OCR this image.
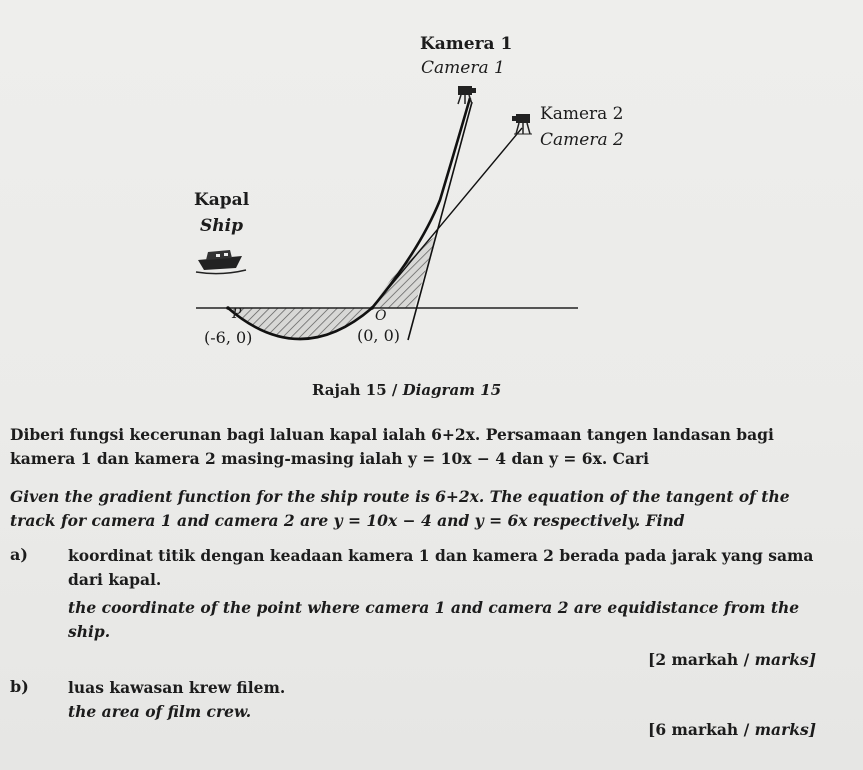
Kamera 1
Camera 1
Kamera 2
Camera 2
Kapal
Ship
P
(-6, 0)
O
(0, 0)
Rajah 15 / Diagram 15
Diberi fungsi kecerunan bagi laluan kapal ialah 6+2x. Persamaan tangen landasan bagi
kamera 1 dan kamera 2 masing-masing ialah y = 10x − 4 dan y = 6x. Cari
Given the gradient function for the ship route is 6+2x. The equation of the tangent of the
track for camera 1 and camera 2 are y = 10x − 4 and y = 6x respectively. Find
a)	koordinat titik dengan keadaan kamera 1 dan kamera 2 berada pada jarak yang sama
dari kapal.
the coordinate of the point where camera 1 and camera 2 are equidistance from the
ship.
[2 markah / marks]
b)	luas kawasan krew filem.
the area of film crew.
[6 markah / marks]
